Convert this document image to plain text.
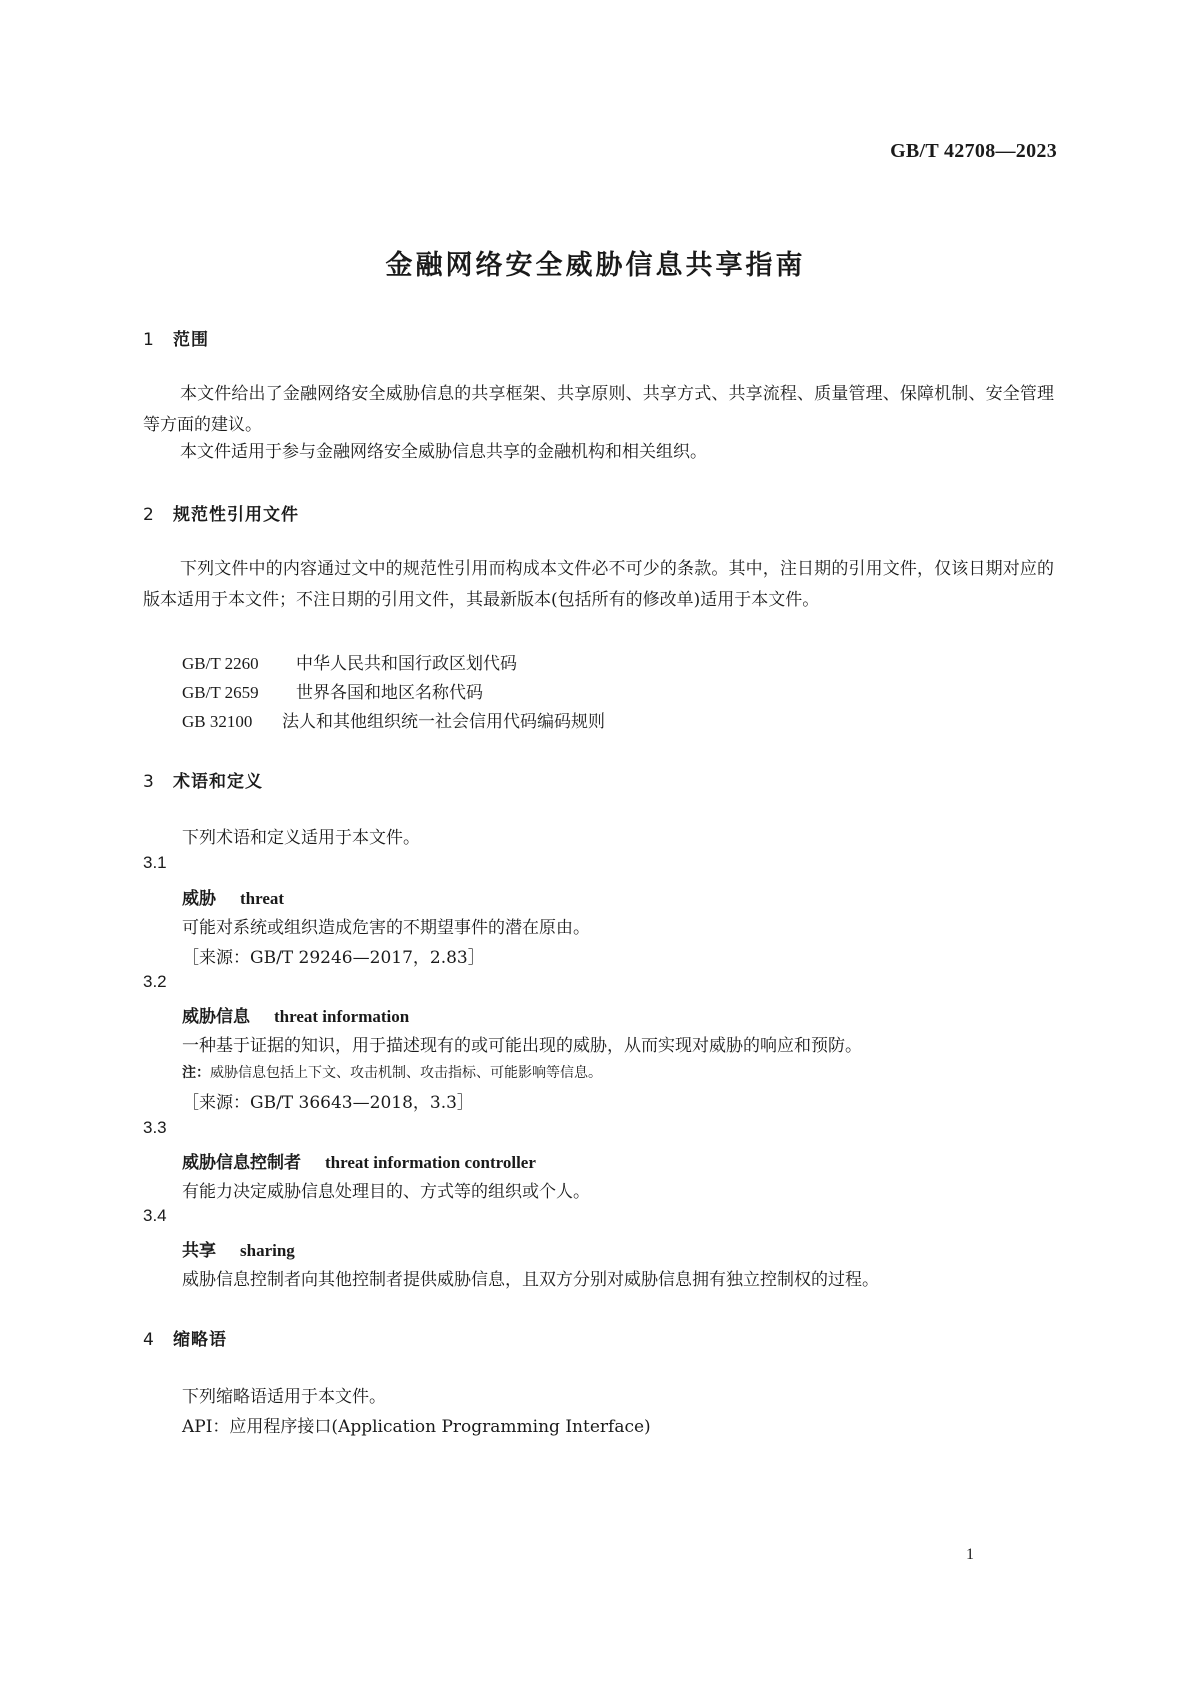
GB/T 42708—2023
金融网络安全威胁信息共享指南
1 范围
本文件给出了金融网络安全威胁信息的共享框架、共享原则、共享方式、共享流程、质量管理、保障机制、安全管理等方面的建议。
本文件适用于参与金融网络安全威胁信息共享的金融机构和相关组织。
2 规范性引用文件
下列文件中的内容通过文中的规范性引用而构成本文件必不可少的条款。其中，注日期的引用文件，仅该日期对应的版本适用于本文件；不注日期的引用文件，其最新版本(包括所有的修改单)适用于本文件。
GB/T 2260 中华人民共和国行政区划代码
GB/T 2659 世界各国和地区名称代码
GB 32100 法人和其他组织统一社会信用代码编码规则
3 术语和定义
下列术语和定义适用于本文件。
3.1
威胁 threat
可能对系统或组织造成危害的不期望事件的潜在原由。
［来源：GB/T 29246—2017，2.83］
3.2
威胁信息 threat information
一种基于证据的知识，用于描述现有的或可能出现的威胁，从而实现对威胁的响应和预防。
注：威胁信息包括上下文、攻击机制、攻击指标、可能影响等信息。
［来源：GB/T 36643—2018，3.3］
3.3
威胁信息控制者 threat information controller
有能力决定威胁信息处理目的、方式等的组织或个人。
3.4
共享 sharing
威胁信息控制者向其他控制者提供威胁信息，且双方分别对威胁信息拥有独立控制权的过程。
4 缩略语
下列缩略语适用于本文件。
API：应用程序接口(Application Programming Interface)
1
